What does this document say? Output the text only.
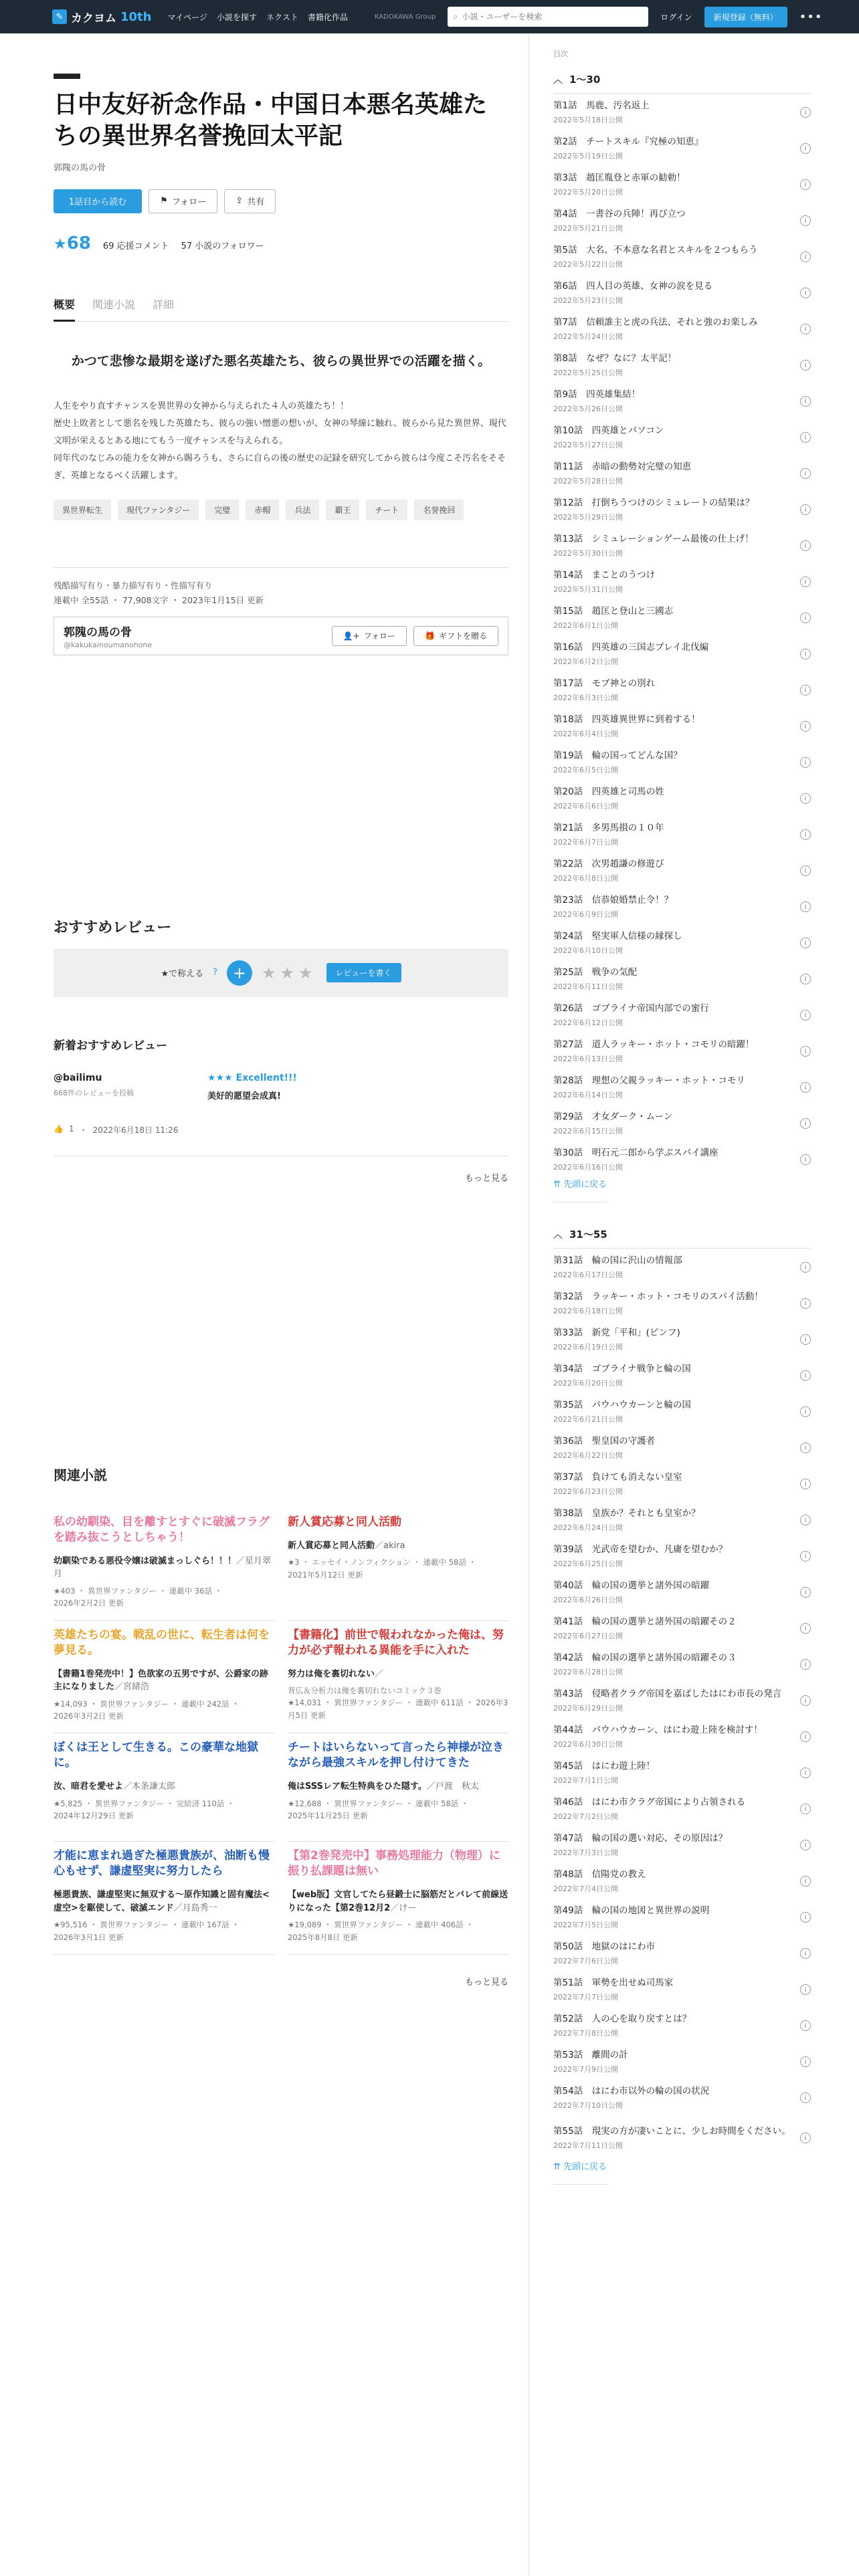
✎ カクヨム 10th マイページ 小説を探す ネクスト 書籍化作品	KADOKAWA Group ⌕
小説・ユーザーを検索	ログイン	新規登録（無料）	•••
日中友好祈念作品・中国日本悪名英雄たちの異世界名誉挽回太平記
郭隗の馬の骨
1話目から読む	⚑ フォロー	⇪ 共有
★68 69 応援コメント 57 小説のフォロワー
概要 関連小説 詳細
かつて悲惨な最期を遂げた悪名英雄たち、彼らの異世界での活躍を描く。

人生をやり直すチャンスを異世界の女神から与えられた４人の英雄たち！！
歴史上敗者として悪名を残した英雄たち、彼らの強い憎悪の想いが、女神の琴線に触れ、彼らから見た異世界、現代文明が栄えるとある地にてもう一度チャンスを与えられる。
同年代のなじみの能力を女神から賜ろうも、さらに自らの後の歴史の記録を研究してから彼らは今度こそ汚名をそそぎ、英雄となるべく活躍します。

異世界転生	現代ファンタジー	完璧	赤帽	兵法	覇王	チート	名誉挽回
残酷描写有り・暴力描写有り・性描写有り
連載中 全55話 ・ 77,908文字 ・ 2023年1月15日 更新
郭隗の馬の骨
@kakukainoumanohone
👤+ フォロー	🎁 ギフトを贈る
おすすめレビュー
★で称える ? + ★★★	レビューを書く
新着おすすめレビュー
@bailimu
668件のレビューを投稿
★★★ Excellent!!!
美好的愿望会成真!
👍 1 ・ 2022年6月18日 11:26
もっと見る
関連小説
私の幼馴染、目を離すとすぐに破滅フラグを踏み抜こうとしちゃう！
幼馴染である悪役令嬢は破滅まっしぐら！！！／星月翠月
★403 ・ 異世界ファンタジー ・ 連載中 36話 ・
2026年2月2日 更新
新人賞応募と同人活動
新人賞応募と同人活動／akira
★3 ・ エッセイ・ノンフィクション ・ 連載中 58話 ・
2021年5月12日 更新
英雄たちの宴。戦乱の世に、転生者は何を夢見る。
【書籍1巻発売中！】色欲家の五男ですが、公爵家の跡主になりました／宮緒浩
★14,093 ・ 異世界ファンタジー ・ 連載中 242話 ・
2026年3月2日 更新
【書籍化】前世で報われなかった俺は、努力が必ず報われる異能を手に入れた
努力は俺を裏切れない／
背広＆分析力は俺を裏切れないコミック３巻
★14,031 ・ 異世界ファンタジー ・ 連載中 611話 ・ 2026年3月5日 更新
ぼくは王として生きる。この豪華な地獄に。
汝、暗君を愛せよ／本条謙太郎
★5,825 ・ 異世界ファンタジー ・ 完結済 110話 ・
2024年12月29日 更新
チートはいらないって言ったら神様が泣きながら最強スキルを押し付けてきた
俺はSSSレア転生特典をひた隠す。／戸渡　秋太
★12,688 ・ 異世界ファンタジー ・ 連載中 58話 ・
2025年11月25日 更新
才能に恵まれ過ぎた極悪貴族が、油断も慢心もせず、謙虚堅実に努力したら
極悪貴族、謙虚堅実に無双する〜原作知識と固有魔法<虚空>を駆使して、破滅エンド／月島秀一
★95,516 ・ 異世界ファンタジー ・ 連載中 167話 ・
2026年3月1日 更新
【第2巻発売中】事務処理能力（物理）に振り払課題は無い
【web版】文官してたら昼鍛士に脳筋だとバレて前線送りになった【第2巻12月2／けー
★19,089 ・ 異世界ファンタジー ・ 連載中 406話 ・
2025年8月8日 更新
もっと見る
目次
︿ 1〜30
第1話　馬鹿、汚名返上
2022年5月18日公開
i
第2話　チートスキル『究極の知恵』
2022年5月19日公開
i
第3話　趙匡胤登と赤軍の勧勅！
2022年5月20日公開
i
第4話　一書谷の兵陣！再び立つ
2022年5月21日公開
i
第5話　大名、不本意な名君とスキルを２つもらう
2022年5月22日公開
i
第6話　四人目の英雄、女神の涙を見る
2022年5月23日公開
i
第7話　信頼誰主と虎の兵法、それと強のお楽しみ
2022年5月24日公開
i
第8話　なぜ？なに？太平記！
2022年5月25日公開
i
第9話　四英雄集結！
2022年5月26日公開
i
第10話　四英雄とパソコン
2022年5月27日公開
i
第11話　赤暗の動勢対完璧の知恵
2022年5月28日公開
i
第12話　打倒ちうつけのシミュレートの結果は？
2022年5月29日公開
i
第13話　シミュレーションゲーム最後の仕上げ！
2022年5月30日公開
i
第14話　まことのうつけ
2022年5月31日公開
i
第15話　趙匡と登山と三國志
2022年6月1日公開
i
第16話　四英雄の三国志プレイ北伐編
2022年6月2日公開
i
第17話　モブ神との別れ
2022年6月3日公開
i
第18話　四英雄異世界に到着する！
2022年6月4日公開
i
第19話　輪の国ってどんな国？
2022年6月5日公開
i
第20話　四英雄と司馬の姓
2022年6月6日公開
i
第21話　多男馬損の１０年
2022年6月7日公開
i
第22話　次男趙謙の修遊び
2022年6月8日公開
i
第23話　信恭娘婚禁止令！？
2022年6月9日公開
i
第24話　堅実軍人信様の縁探し
2022年6月10日公開
i
第25話　戦争の気配
2022年6月11日公開
i
第26話　ゴブライナ帝国内部での蜜行
2022年6月12日公開
i
第27話　道人ラッキー・ホット・コモリの暗躍！
2022年6月13日公開
i
第28話　理想の父親ラッキー・ホット・コモリ
2022年6月14日公開
i
第29話　才女ダーク・ムーン
2022年6月15日公開
i
第30話　明石元二郎から学ぶスパイ講座
2022年6月16日公開
i
⇈ 先頭に戻る
︿ 31〜55
第31話　輪の国に沢山の情報部
2022年6月17日公開
i
第32話　ラッキー・ホット・コモリのスパイ活動！
2022年6月18日公開
i
第33話　新党「平和」(ピンフ)
2022年6月19日公開
i
第34話　ゴブライナ戦争と輪の国
2022年6月20日公開
i
第35話　パウハウカーンと輪の国
2022年6月21日公開
i
第36話　聖皇国の守護者
2022年6月22日公開
i
第37話　負けても消えない皇室
2022年6月23日公開
i
第38話　皇族か？それとも皇室か？
2022年6月24日公開
i
第39話　光武帝を望むか、凡庸を望むか？
2022年6月25日公開
i
第40話　輪の国の選挙と諸外国の暗躍
2022年6月26日公開
i
第41話　輪の国の選挙と諸外国の暗躍その２
2022年6月27日公開
i
第42話　輪の国の選挙と諸外国の暗躍その３
2022年6月28日公開
i
第43話　侵略者クラグ帝国を嘉ばしたはにわ市長の発言
2022年6月29日公開
i
第44話　パウハウカーン、はにわ遊上陸を検討す！
2022年6月30日公開
i
第45話　はにわ遊上陸！
2022年7月1日公開
i
第46話　はにわ市クラグ帝国により占領される
2022年7月2日公開
i
第47話　輪の国の選い対応、その原因は？
2022年7月3日公開
i
第48話　信陽党の教え
2022年7月4日公開
i
第49話　輪の国の地図と異世界の説明
2022年7月5日公開
i
第50話　地獄のはにわ市
2022年7月6日公開
i
第51話　軍勢を出せぬ司馬家
2022年7月7日公開
i
第52話　人の心を取り戻すとは？
2022年7月8日公開
i
第53話　離間の計
2022年7月9日公開
i
第54話　はにわ市以外の輪の国の状況
2022年7月10日公開
i
第55話　現実の方が凄いことに、少しお時間をください。
2022年7月11日公開
i
⇈ 先頭に戻る
